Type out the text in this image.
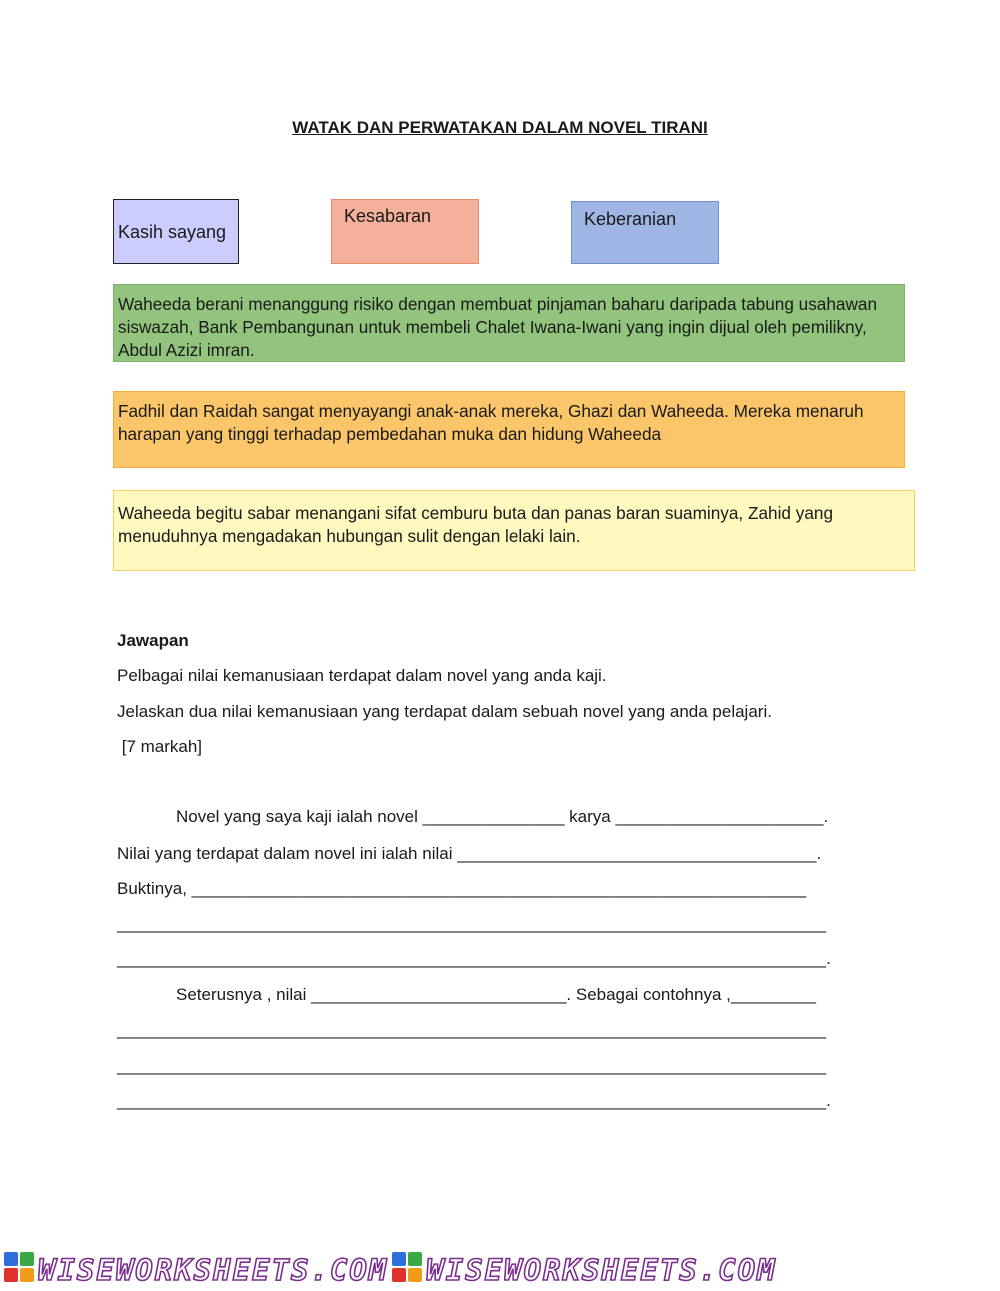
WATAK DAN PERWATAKAN DALAM NOVEL TIRANI
Kasih sayang
Kesabaran	Keberanian
Waheeda berani menanggung risiko dengan membuat pinjaman baharu daripada tabung usahawan siswazah, Bank Pembangunan untuk membeli Chalet Iwana-Iwani yang ingin dijual oleh pemilikny, Abdul Azizi imran.
Fadhil dan Raidah sangat menyayangi anak-anak mereka, Ghazi dan Waheeda. Mereka menaruh harapan yang tinggi terhadap pembedahan muka dan hidung Waheeda
Waheeda begitu sabar menangani sifat cemburu buta dan panas baran suaminya, Zahid yang menuduhnya mengadakan hubungan sulit dengan lelaki lain.
Jawapan
Pelbagai nilai kemanusiaan terdapat dalam novel yang anda kaji.
Jelaskan dua nilai kemanusiaan yang terdapat dalam sebuah novel yang anda pelajari.
[7 markah]
Novel yang saya kaji ialah novel _______________ karya ______________________.
Nilai yang terdapat dalam novel ini ialah nilai ______________________________________.
Buktinya, _________________________________________________________________
___________________________________________________________________________
___________________________________________________________________________.
Seterusnya , nilai ___________________________. Sebagai contohnya ,_________
___________________________________________________________________________
___________________________________________________________________________
___________________________________________________________________________.
WISEWORKSHEETS.COM WISEWORKSHEETS.COM
